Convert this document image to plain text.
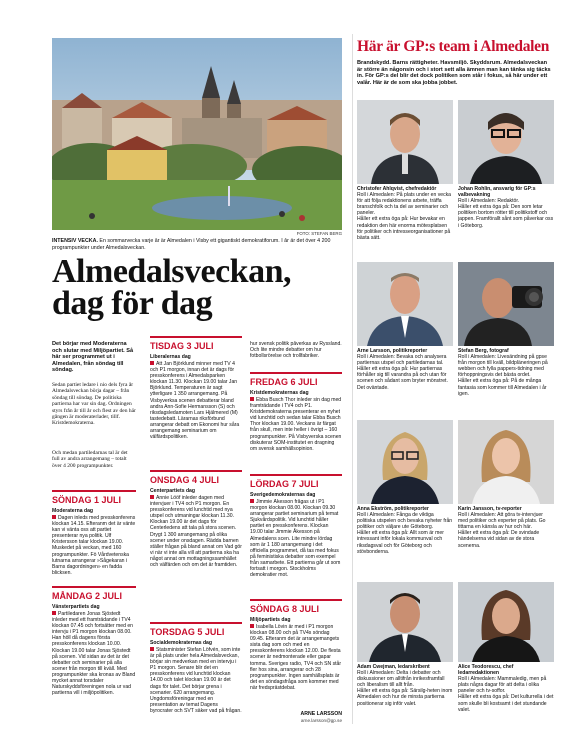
FOTO: STEFAN BERG
INTENSIV VECKA. En sommarvecka varje år är Almedalen i Visby ett gigantiskt demokratiforum. I år är det över 4 200 programpunkter under Almedalsveckan.
Almedalsveckan,
dag för dag
Det börjar med Moderaterna och slutar med Miljöpartiet. Så här ser programmet ut i Almedalen, från söndag till söndag.
Sedan partiet ledare i nio dels fyra år Almedalsveckan börja dagar – från söndag till söndag. De politiska partierna har var sin dag. Ordningen styrs från år till år och flest av den här gången är moderaterlader, tillf. Kristdemokraterna.
Och medan partiledarnas tal är det full av andra arrangemang – totalt över 4 200 programpunkter.
SÖNDAG 1 JULI
Moderaterna dag
Dagen inleds med presskonferens klockan 14.15. Efteranm det är vänte kan vi vänta oss att partiet presenterar nya politik. Ulf Kristersson talar klockan 19.00. Muskedet på veckan, med 160 programpunkter. Fö Vårdvetenska lutnarna arrangerar »Sågekaran i Barns dagordningen» en fadda blicksen.
MÅNDAG 2 JULI
Vänsterpartiets dag
Partiledaren Jonas Sjöstedt inleder med ett framträdande i TV4 klockan 07.45 och fortsätter med en intervju i P1 morgon klockan 08.00. Han höll då dagens första presskonferens klockan 10.00. Klockan 19.00 talar Jonas Sjöstedt på scenen. Vid sidan av det är det debatter och seminarier på alla scener från morgon till kväll. Med programpunkter ska kronas av Bland mycket annat torsdaler Naturskyddsföreningen nola ur vad partierna vill i miljöpolitiken.
TISDAG 3 JULI
Liberalernas dag
Att Jan Björklund minner med TV 4 och P1 morgon, innan det är dags för presskonferens i Almedalsparken klockan 11.30. Klockan 19.00 talar Jan Björklund. Temperaturen är sagt ytterligare 1 350 arrangemang. På Visbyverksa scenen debatterar bland andra Ann-Sofie Hermansson (S) och riksdagsledamoten Lars Hjälmered (M) tastedebatt. Lärarnas riksförbund arrangerar debatt om Ekonomi hur såra arrangemang seminarium om välfärdspolitiken.
ONSDAG 4 JULI
Centerpartiets dag
Annie Lööf inleder dagen med intervjuer i TV4 och P1 morgon. En presskonferens vid lunchtid med nya utspel och utmaningar klockan 11.30. Klockan 19.00 är det dags för Centerledens att tala på stora scenen. Drygt 1 300 arrangemang på olika scener under onsdagen. Rädda barnen ställer frågan på bland annat om Vad gör vi när vi inte alla vill att partierna ska ha något annat om mottagningssamhället och välfärden och om det är framtiden.
TORSDAG 5 JULI
Socialdemokraternas dag
Statsminister Stefan Löfvén, som inte är på plats under hela Almedalsveckan, börjar sin medverkan med en intervju i P1 morgon. Senare blir det en presskonferens vid lunchtid klockan 14.00 och talet klockan 19.00 är det dags för talet. Det börjar grena i scenarier. 620 arrangemang. Ungdomsföreningar med en presentation av temat Dagens byrocrater och SVT säker vad på frågan.
hur svensk politik påverkas av Ryssland. Och lite mindre debatter om hur fotbollsrörelse och trollfabriker.
FREDAG 6 JULI
Kristdemokraternas dag
Ebba Busch Thor inleder sin dag med framträdande i TV4 och P1. Kristdemokraterna presenterar en nyhet vid lunchtid och sedan talar Ebba Busch Thor klockan 19.00. Veckans är färgat från skull, men inte heller i övrigt – 160 programpunkter. På Visbyverska scenen diskuterar SOM-institutet en dragning om svensk samhällsopinion.
LÖRDAG 7 JULI
Sverigedemokraternas dag
Jimmie Åkesson frågas ut i P1 morgon klockan 08.00. Klockan 09.30 arrangerar partiet seminarium på temat Sjukvårdspolitik. Vid lunchtid håller partiet en presskonferens. Klockan 19.00 talar Jimmie Åkesson på Almedalens scen. Lite mindre lördag som är 1 180 arrangemang i det officiella programmet, då tas med fokus på feministiska debatter som exempel från samarbete. Ett partierna går ut som fortsatt i morgon. Stockholms demokratier mot.
SÖNDAG 8 JULI
Miljöpartiets dag
Isabella Lövin är med i P1 morgon klockan 08.00 och på TV4s söndag 09.45. Efteranm det är arrangemangets sista dag som och med en presskonferens klockan 12.00. De flesta scener är nedmonterade eller gapar tomma. Sveriges radio, TV4 och SN står fler hos sina, arrangerar och 28 programpunkter. Ingen samhällsplats är det en söndagsfråga som kommer med när fredsprästdebat.
ARNE LARSSON
arne.larsson@gp.se
Här är GP:s team i Almedalen
Brandskydd. Barns rättigheter. Havsmiljö. Skyddsrum. Almedalsveckan är större än någonsin och i stort sett alla ämnen man kan tänka sig täcks in. För GP:s del blir det dock politiken som står i fokus, så här under ett valår. Här är de som ska jobba jobbet.
Christofer Ahlqvist, chefredaktör
Roll i Almedalen: På plats under en vecka för att följa redaktionens arbete, träffa branschfolk och ta del av seminarier och paneler.
Håller ett extra öga på: Hur bevakar en redaktion den här enorma mötesplatsen för politiker och intresseorganisationer på bästa sätt.
Johan Rohlin, ansvarig för GP:s valbevakning
Roll i Almedalen: Redaktör.
Håller ett extra öga på: Den som letar politiken bortom rötter till politikstoff och jappen. Framförallt sånt som påverkar oss i Göteborg.
Arne Larsson, politikreporter
Roll i Almedalen: Bevaka och analysera partiernas utspel och partiledarnas tal.
Håller ett extra öga på: Hur partiernas förhåller sig till varandra på och utan för scenen och sådant som bryter mönstret. Det oväntade.
Stefan Berg, fotograf
Roll i Almedalen: Livesändning på gpse från morgon till kväll, bildpläneringen på webben och fylla pappers-tidning med förhoppningsvis det bästa ordet.
Håller ett extra öga på: På de många fantasia som kommer till Almedalen i år igen.
Anna Ekström, politikreporter
Roll i Almedalen: Fånga de viktiga politiska utspelen och bevaka nyheter från politiker och väljare ute Göteborg.
Håller ett extra öga på: Allt som är mer intressant inför lokala kommunval och riksdagsval och för Göteborg och stövbonderna.
Karin Jansson, tv-reporter
Roll i Almedalen: Att göra tv-intervjuer med politiker och experter på plats. Go tittarna en känsla av hur och här.
Håller ett extra öga på: De svindade händelserna vid sidan av de stora scenerna.
Adam Cwejman, ledarskribent
Roll i Almedalen: Delta i debatter och diskussioner om alltifrån inrikesframfall och liberalism till allt från.
Håller ett extra öga på: Särsilg-heten inom Almedalen och hur de minsta partierna positionerar sig inför valet.
Alice Teodorescu, chef ledarredaktionen
Roll i Almedalen: Mammaledig, men på plats några dagar för att delta i olika paneler och tv-soffor.
Håller ett extra öga på: Det kulturrella i det som skulle bli kostsamt i det stundande valet.
